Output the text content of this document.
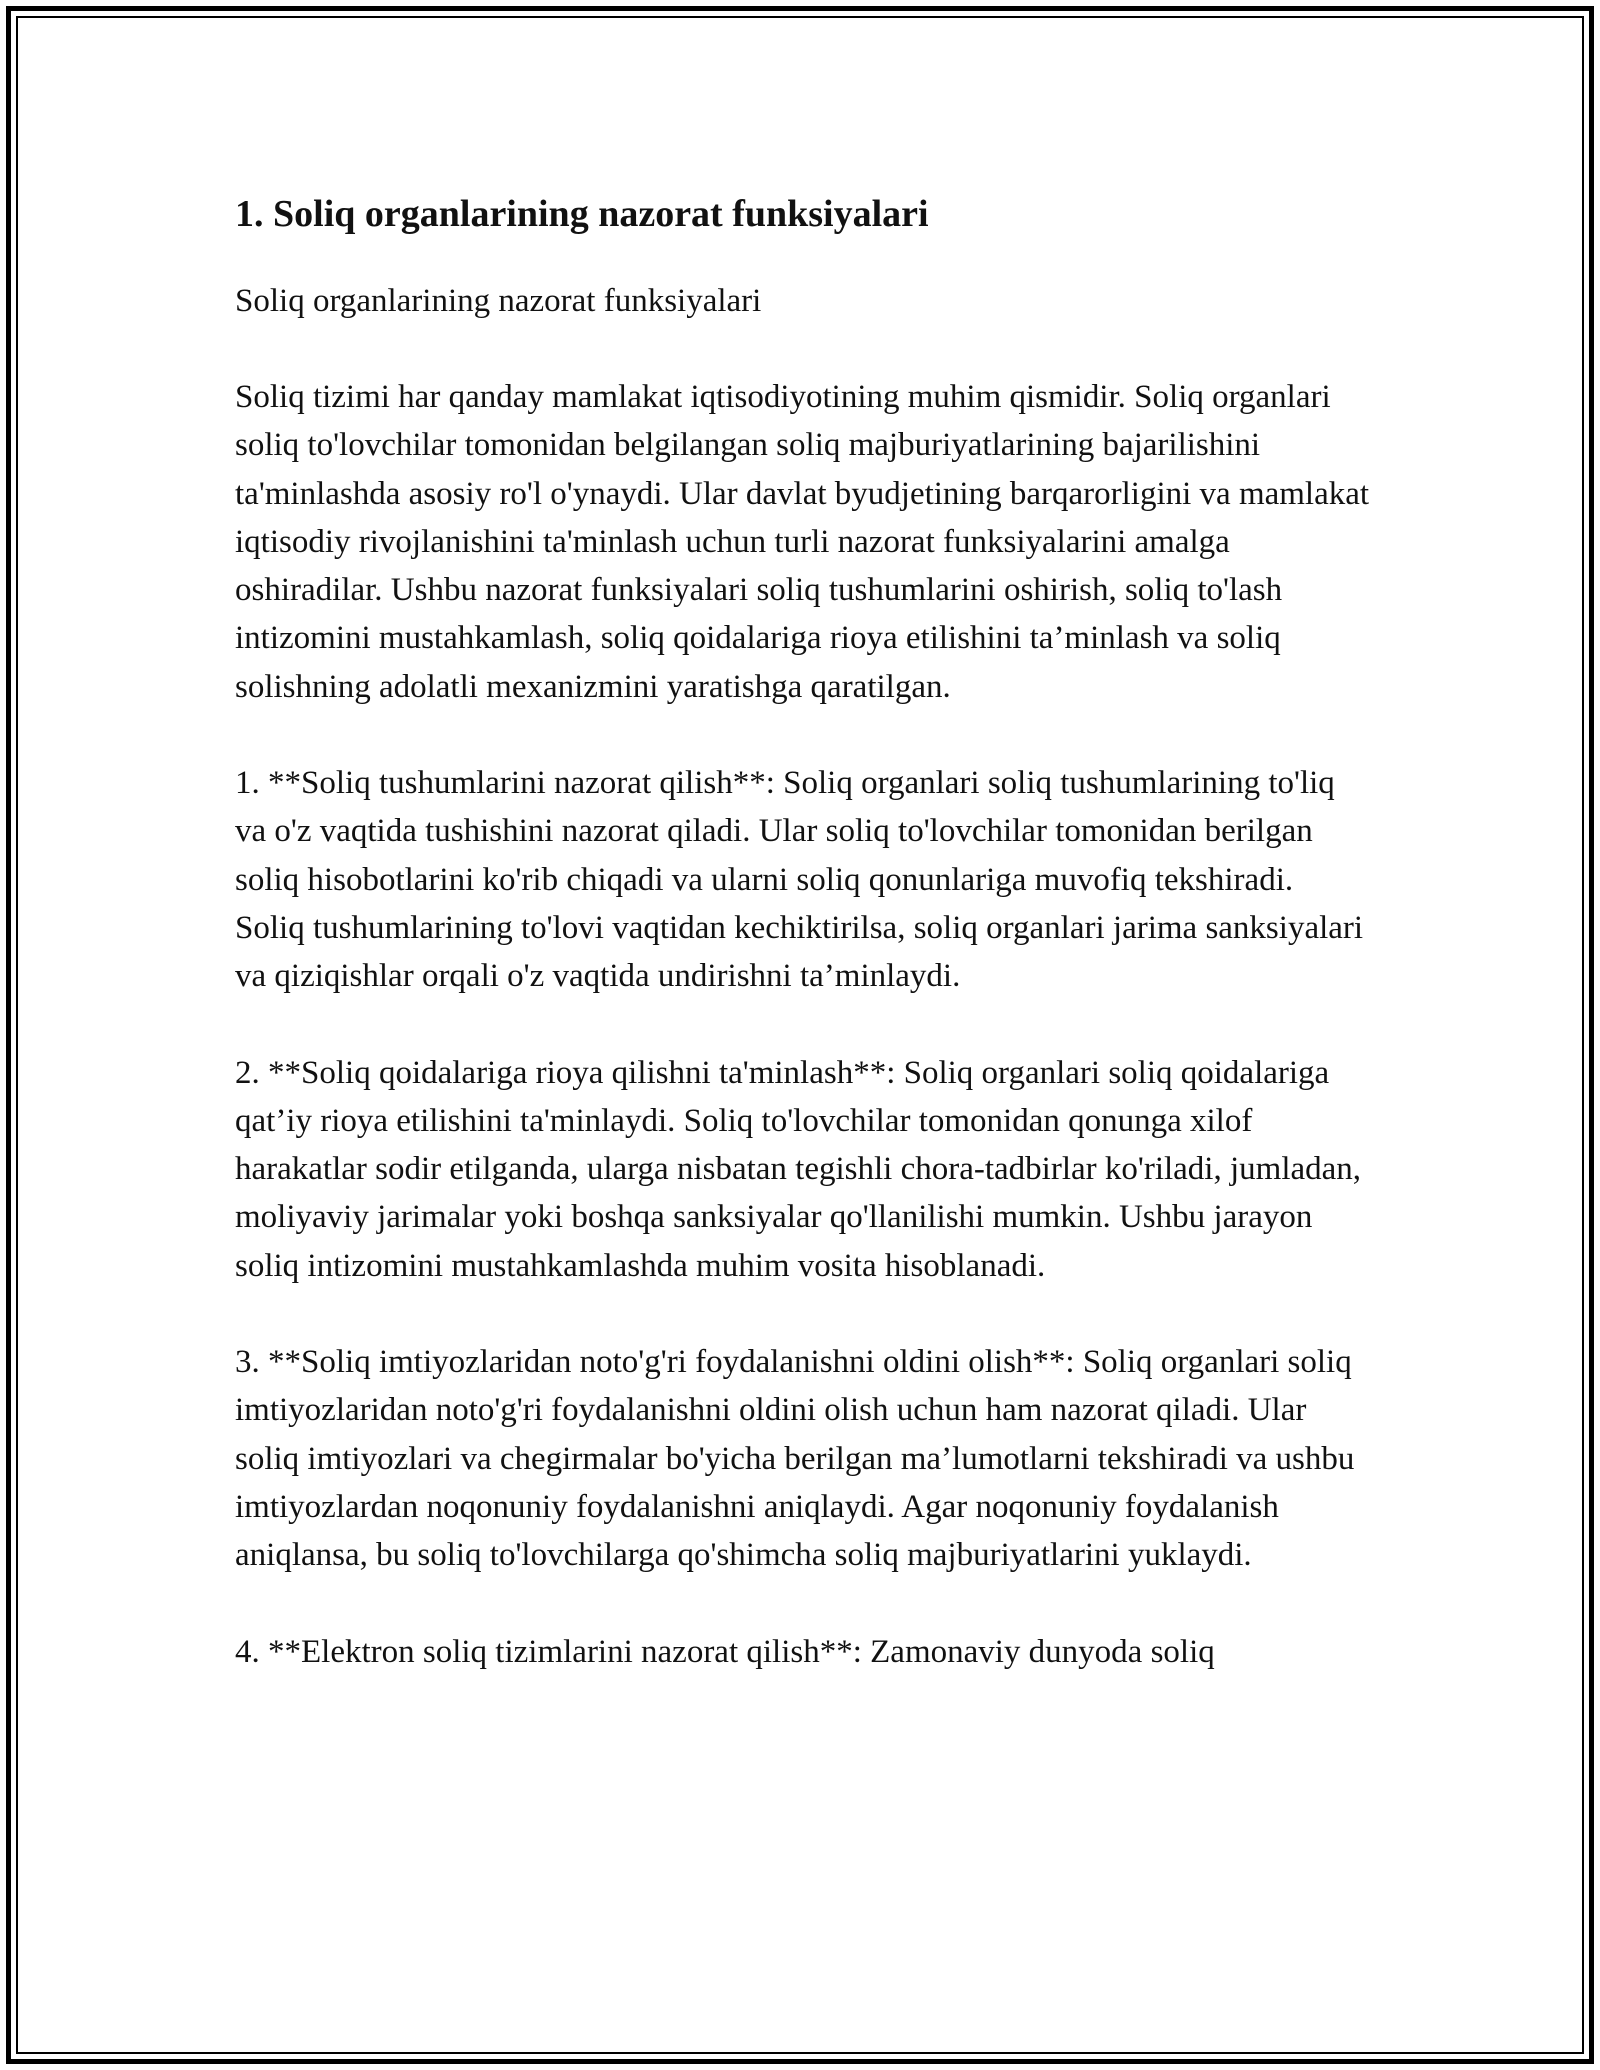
1. Soliq organlarining nazorat funksiyalari

Soliq organlarining nazorat funksiyalari

Soliq tizimi har qanday mamlakat iqtisodiyotining muhim qismidir. Soliq organlari soliq to'lovchilar tomonidan belgilangan soliq majburiyatlarining bajarilishini ta'minlashda asosiy ro'l o'ynaydi. Ular davlat byudjetining barqarorligini va mamlakat iqtisodiy rivojlanishini ta'minlash uchun turli nazorat funksiyalarini amalga oshiradilar. Ushbu nazorat funksiyalari soliq tushumlarini oshirish, soliq to'lash intizomini mustahkamlash, soliq qoidalariga rioya etilishini ta’minlash va soliq solishning adolatli mexanizmini yaratishga qaratilgan.

1. **Soliq tushumlarini nazorat qilish**: Soliq organlari soliq tushumlarining to'liq va o'z vaqtida tushishini nazorat qiladi. Ular soliq to'lovchilar tomonidan berilgan soliq hisobotlarini ko'rib chiqadi va ularni soliq qonunlariga muvofiq tekshiradi. Soliq tushumlarining to'lovi vaqtidan kechiktirilsa, soliq organlari jarima sanksiyalari va qiziqishlar orqali o'z vaqtida undirishni ta’minlaydi.

2. **Soliq qoidalariga rioya qilishni ta'minlash**: Soliq organlari soliq qoidalariga qat’iy rioya etilishini ta'minlaydi. Soliq to'lovchilar tomonidan qonunga xilof harakatlar sodir etilganda, ularga nisbatan tegishli chora-tadbirlar ko'riladi, jumladan, moliyaviy jarimalar yoki boshqa sanksiyalar qo'llanilishi mumkin. Ushbu jarayon soliq intizomini mustahkamlashda muhim vosita hisoblanadi.

3. **Soliq imtiyozlaridan noto'g'ri foydalanishni oldini olish**: Soliq organlari soliq imtiyozlaridan noto'g'ri foydalanishni oldini olish uchun ham nazorat qiladi. Ular soliq imtiyozlari va chegirmalar bo'yicha berilgan ma’lumotlarni tekshiradi va ushbu imtiyozlardan noqonuniy foydalanishni aniqlaydi. Agar noqonuniy foydalanish aniqlansa, bu soliq to'lovchilarga qo'shimcha soliq majburiyatlarini yuklaydi.

4. **Elektron soliq tizimlarini nazorat qilish**: Zamonaviy dunyoda soliq
